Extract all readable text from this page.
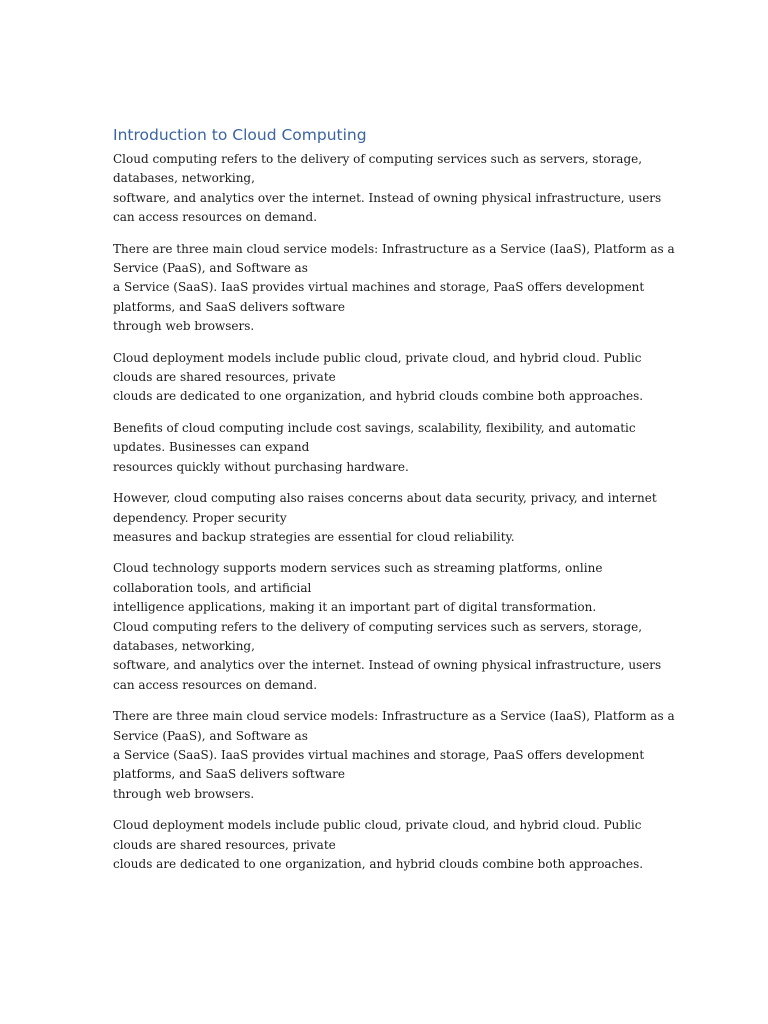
Introduction to Cloud Computing
Cloud computing refers to the delivery of computing services such as servers, storage,
databases, networking,
software, and analytics over the internet. Instead of owning physical infrastructure, users
can access resources on demand.
There are three main cloud service models: Infrastructure as a Service (IaaS), Platform as a
Service (PaaS), and Software as
a Service (SaaS). IaaS provides virtual machines and storage, PaaS offers development
platforms, and SaaS delivers software
through web browsers.
Cloud deployment models include public cloud, private cloud, and hybrid cloud. Public
clouds are shared resources, private
clouds are dedicated to one organization, and hybrid clouds combine both approaches.
Benefits of cloud computing include cost savings, scalability, flexibility, and automatic
updates. Businesses can expand
resources quickly without purchasing hardware.
However, cloud computing also raises concerns about data security, privacy, and internet
dependency. Proper security
measures and backup strategies are essential for cloud reliability.
Cloud technology supports modern services such as streaming platforms, online
collaboration tools, and artificial
intelligence applications, making it an important part of digital transformation.
Cloud computing refers to the delivery of computing services such as servers, storage,
databases, networking,
software, and analytics over the internet. Instead of owning physical infrastructure, users
can access resources on demand.
There are three main cloud service models: Infrastructure as a Service (IaaS), Platform as a
Service (PaaS), and Software as
a Service (SaaS). IaaS provides virtual machines and storage, PaaS offers development
platforms, and SaaS delivers software
through web browsers.
Cloud deployment models include public cloud, private cloud, and hybrid cloud. Public
clouds are shared resources, private
clouds are dedicated to one organization, and hybrid clouds combine both approaches.
